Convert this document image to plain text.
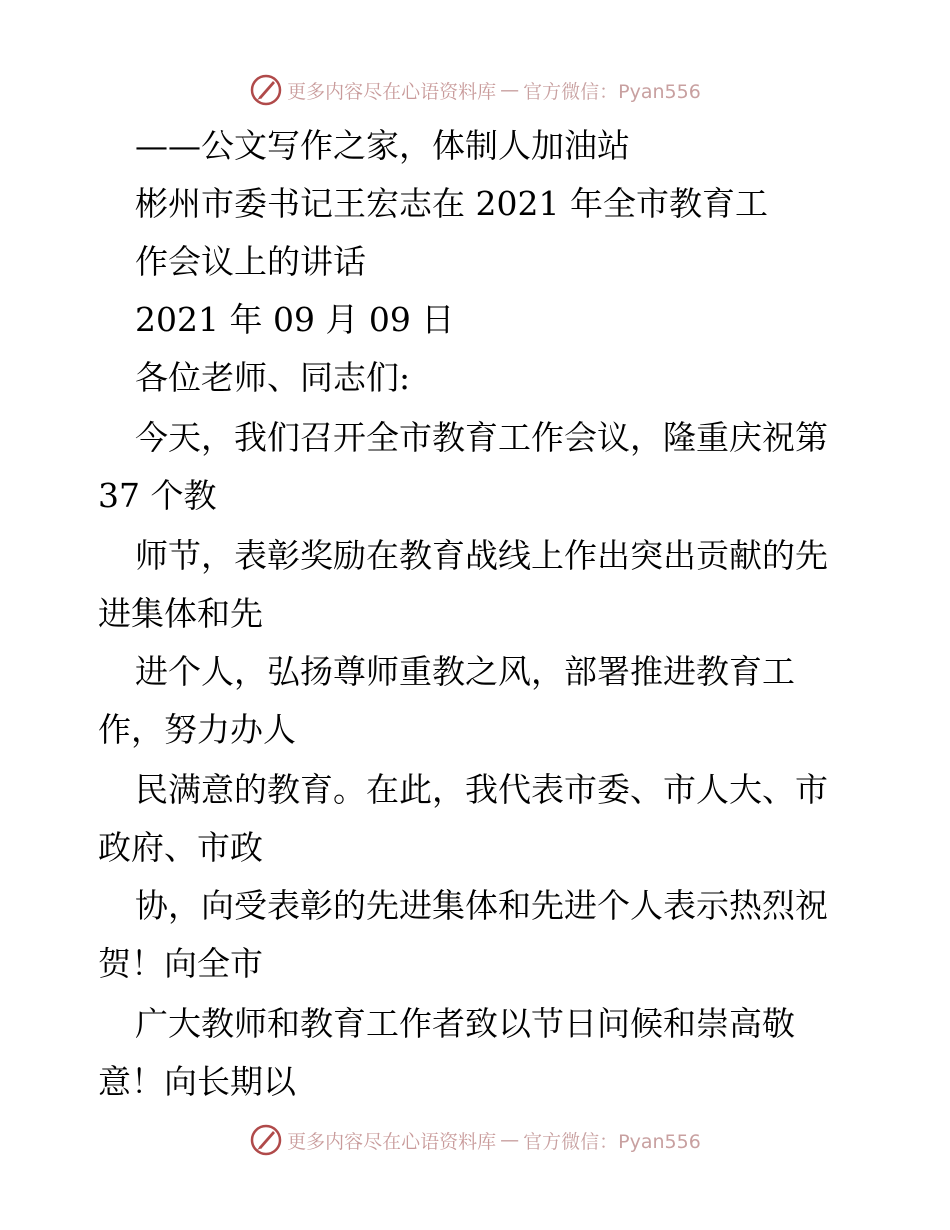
更多内容尽在心语资料库 — 官方微信：Pyan556
——公文写作之家，体制人加油站
彬州市委书记王宏志在 2021 年全市教育工
作会议上的讲话
2021 年 09 月 09 日
各位老师、同志们:
今天，我们召开全市教育工作会议，隆重庆祝第
37 个教
师节，表彰奖励在教育战线上作出突出贡献的先
进集体和先
进个人，弘扬尊师重教之风，部署推进教育工
作，努力办人
民满意的教育。在此，我代表市委、市人大、市
政府、市政
协，向受表彰的先进集体和先进个人表示热烈祝
贺！向全市
广大教师和教育工作者致以节日问候和崇高敬
意！向长期以
更多内容尽在心语资料库 — 官方微信：Pyan556
